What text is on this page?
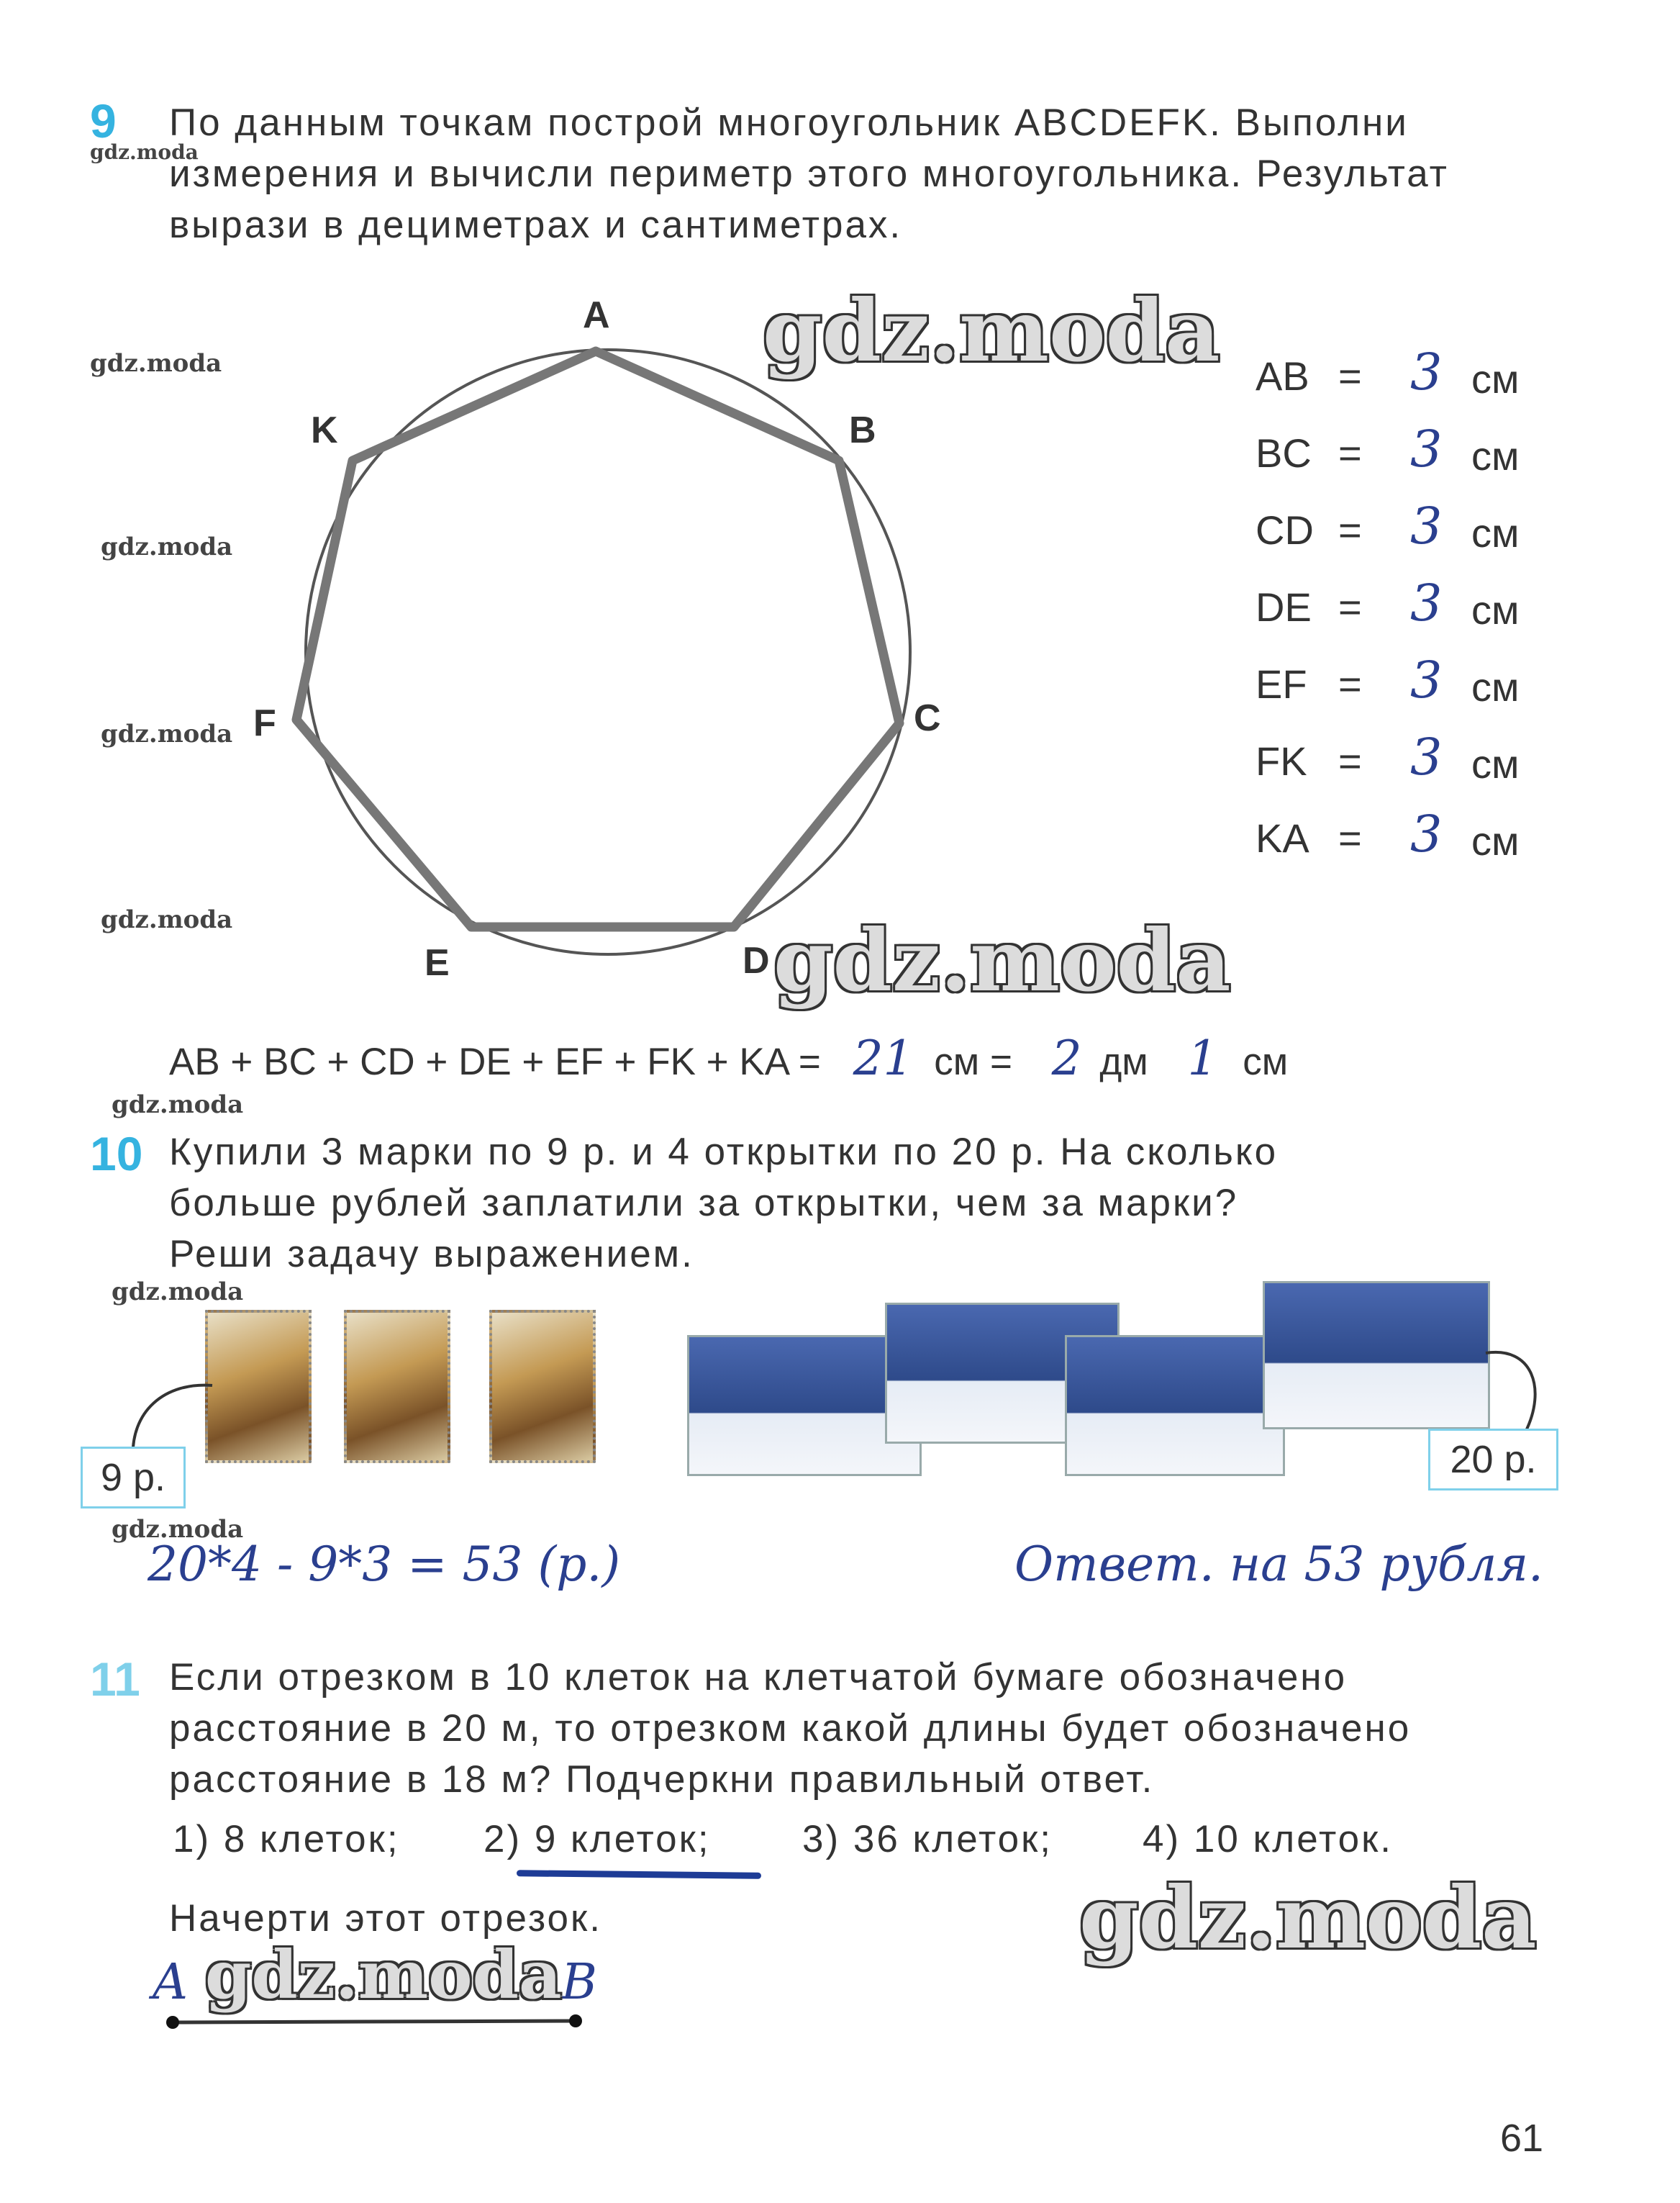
9
gdz.moda
По данным точкам построй многоугольник ABCDEFK. Выполни
измерения и вычисли периметр этого многоугольника. Результат
вырази в дециметрах и сантиметрах.
A
B
C
D
E
F
K
AB = 3 см
BC = 3 см
CD = 3 см
DE = 3 см
EF = 3 см
FK = 3 см
KA = 3 см
AB + BC + CD + DE + EF + FK + KA = 21 см = 2 дм 1 см
10 Купили 3 марки по 9 р. и 4 открытки по 20 р. На сколько
больше рублей заплатили за открытки, чем за марки?
Реши задачу выражением.
9 р.	20 р.
20*4 - 9*3 = 53 (р.)	Ответ. на 53 рубля.
11 Если отрезком в 10 клеток на клетчатой бумаге обозначено
расстояние в 20 м, то отрезком какой длины будет обозначено
расстояние в 18 м? Подчеркни правильный ответ.
1) 8 клеток; 2) 9 клеток; 3) 36 клеток; 4) 10 клеток.
Начерти этот отрезок.
A	B
61
gdz.moda
gdz.moda
gdz.moda
gdz.moda
gdz.moda
gdz.moda
gdz.moda
gdz.moda
gdz.moda
gdz.moda
gdz.moda
